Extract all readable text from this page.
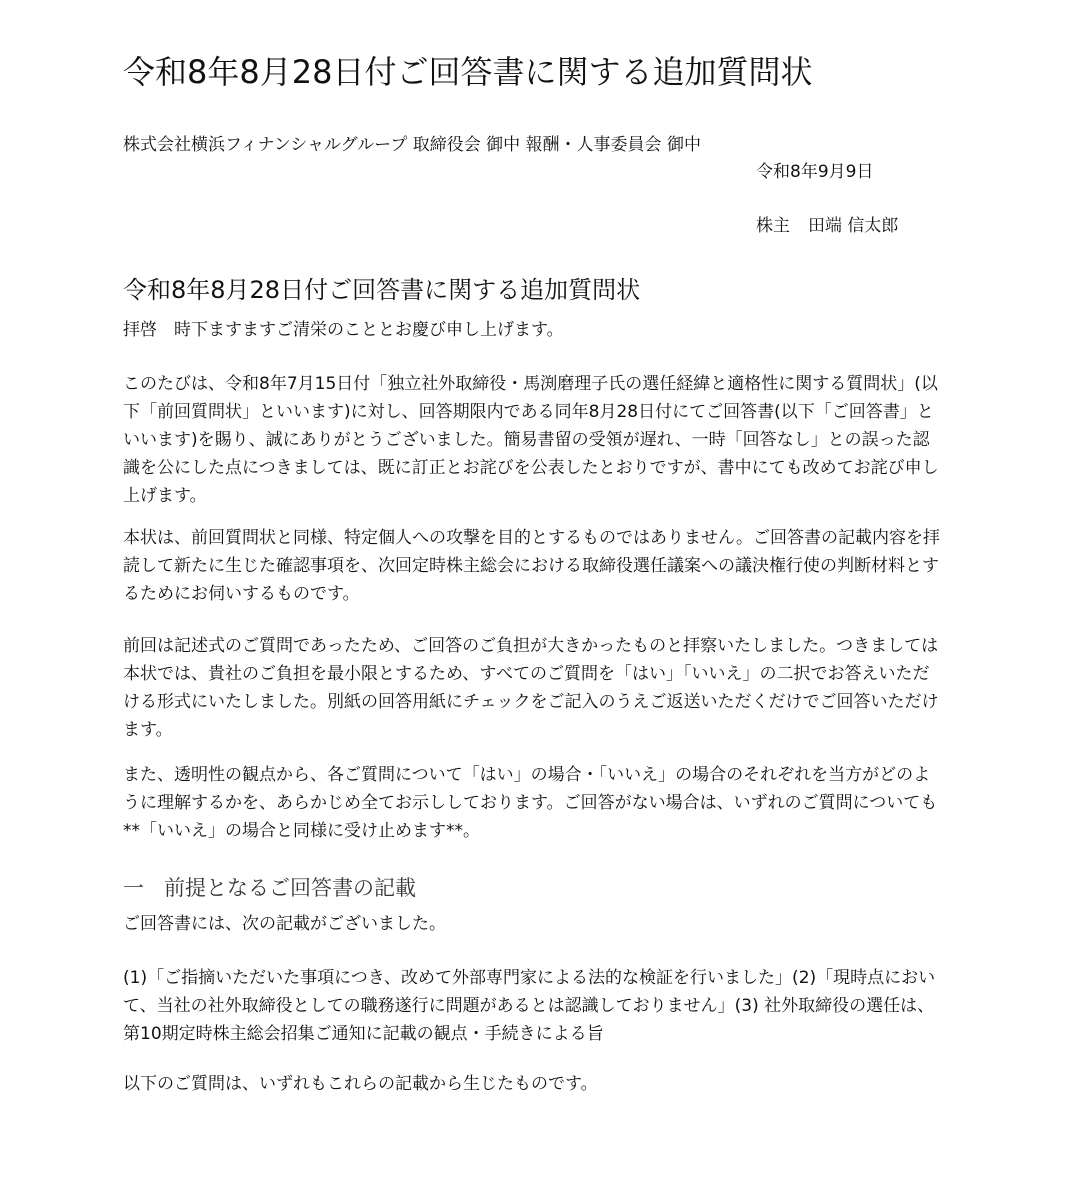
令和8年8月28日付ご回答書に関する追加質問状
株式会社横浜フィナンシャルグループ 取締役会 御中 報酬・人事委員会 御中
令和8年9月9日
株主 田端 信太郎
令和8年8月28日付ご回答書に関する追加質問状

拝啓　時下ますますご清栄のこととお慶び申し上げます。

このたびは、令和8年7月15日付「独立社外取締役・馬渕磨理子氏の選任経緯と適格性に関する質問状」(以下「前回質問状」といいます)に対し、回答期限内である同年8月28日付にてご回答書(以下「ご回答書」といいます)を賜り、誠にありがとうございました。簡易書留の受領が遅れ、一時「回答なし」との誤った認識を公にした点につきましては、既に訂正とお詫びを公表したとおりですが、書中にても改めてお詫び申し上げます。

本状は、前回質問状と同様、特定個人への攻撃を目的とするものではありません。ご回答書の記載内容を拝読して新たに生じた確認事項を、次回定時株主総会における取締役選任議案への議決権行使の判断材料とするためにお伺いするものです。

前回は記述式のご質問であったため、ご回答のご負担が大きかったものと拝察いたしました。つきましては本状では、貴社のご負担を最小限とするため、すべてのご質問を「はい」「いいえ」の二択でお答えいただける形式にいたしました。別紙の回答用紙にチェックをご記入のうえご返送いただくだけでご回答いただけます。

また、透明性の観点から、各ご質問について「はい」の場合・「いいえ」の場合のそれぞれを当方がどのように理解するかを、あらかじめ全てお示ししております。ご回答がない場合は、いずれのご質問についても**「いいえ」の場合と同様に受け止めます**。

一 前提となるご回答書の記載

ご回答書には、次の記載がございました。

(1)「ご指摘いただいた事項につき、改めて外部専門家による法的な検証を行いました」(2)「現時点において、当社の社外取締役としての職務遂行に問題があるとは認識しておりません」(3) 社外取締役の選任は、第10期定時株主総会招集ご通知に記載の観点・手続きによる旨

以下のご質問は、いずれもこれらの記載から生じたものです。
